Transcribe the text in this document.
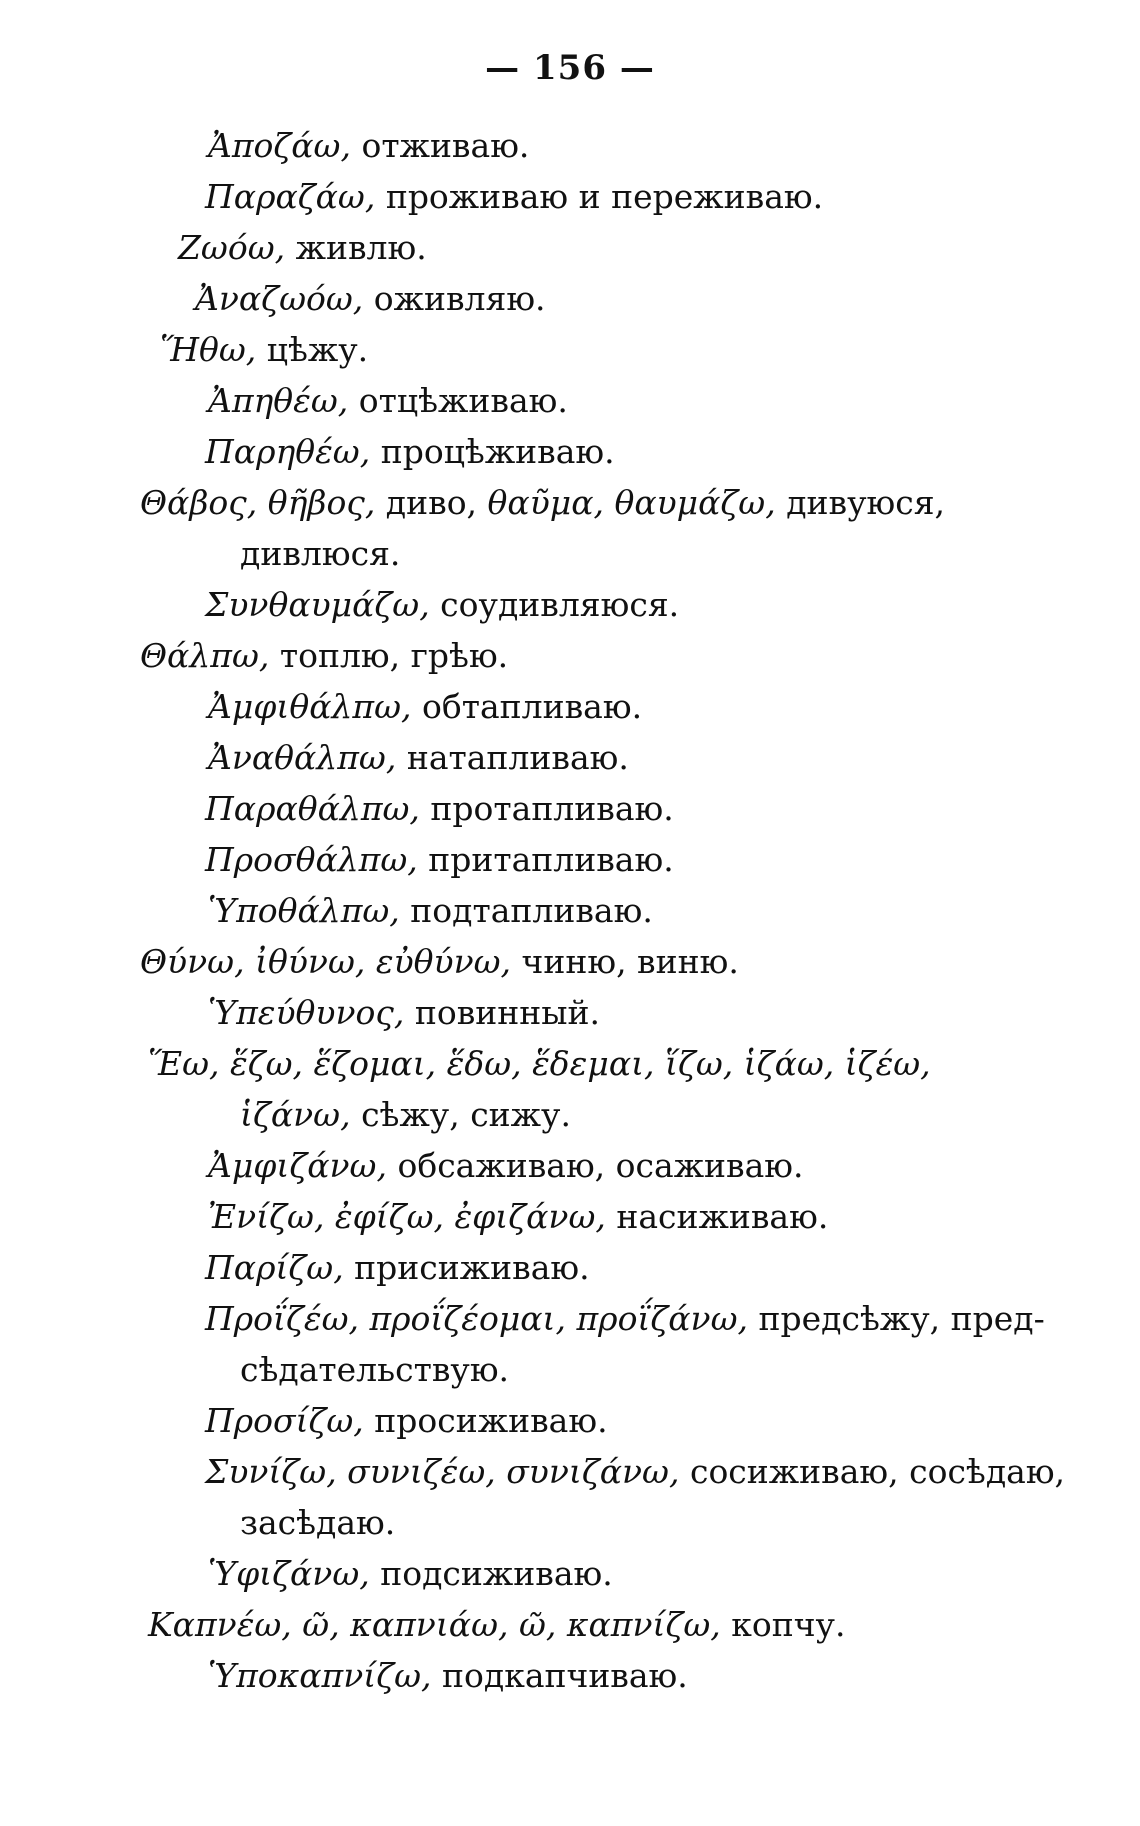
— 156 —
Ἀποζάω, отживаю.
Παραζάω, проживаю и переживаю.
Ζωόω, живлю.
Ἀναζωόω, оживляю.
Ἥθω, цѣжу.
Ἀπηθέω, отцѣживаю.
Παρηθέω, процѣживаю.
Θάβος, θῆβος, диво, θαῦμα, θαυμάζω, дивуюся,
дивлюся.
Συνθαυμάζω, соудивляюся.
Θάλπω, топлю, грѣю.
Ἀμφιθάλπω, обтапливаю.
Ἀναθάλπω, натапливаю.
Παραθάλπω, протапливаю.
Προσθάλπω, притапливаю.
Ὑποθάλπω, подтапливаю.
Θύνω, ἰθύνω, εὐθύνω, чиню, виню.
Ὑπεύθυνος, повинный.
Ἕω, ἕζω, ἕζομαι, ἕδω, ἕδεμαι, ἵζω, ἱζάω, ἱζέω,
ἱζάνω, сѣжу, сижу.
Ἀμφιζάνω, обсаживаю, осаживаю.
Ἐνίζω, ἐφίζω, ἐφιζάνω, насиживаю.
Παρίζω, присиживаю.
Προΐζέω, προΐζέομαι, προΐζάνω, предсѣжу, пред-
сѣдательствую.
Προσίζω, просиживаю.
Συνίζω, συνιζέω, συνιζάνω, сосиживаю, сосѣдаю,
засѣдаю.
Ὑφιζάνω, подсиживаю.
Καπνέω, ῶ, καπνιάω, ῶ, καπνίζω, копчу.
Ὑποκαπνίζω, подкапчиваю.
